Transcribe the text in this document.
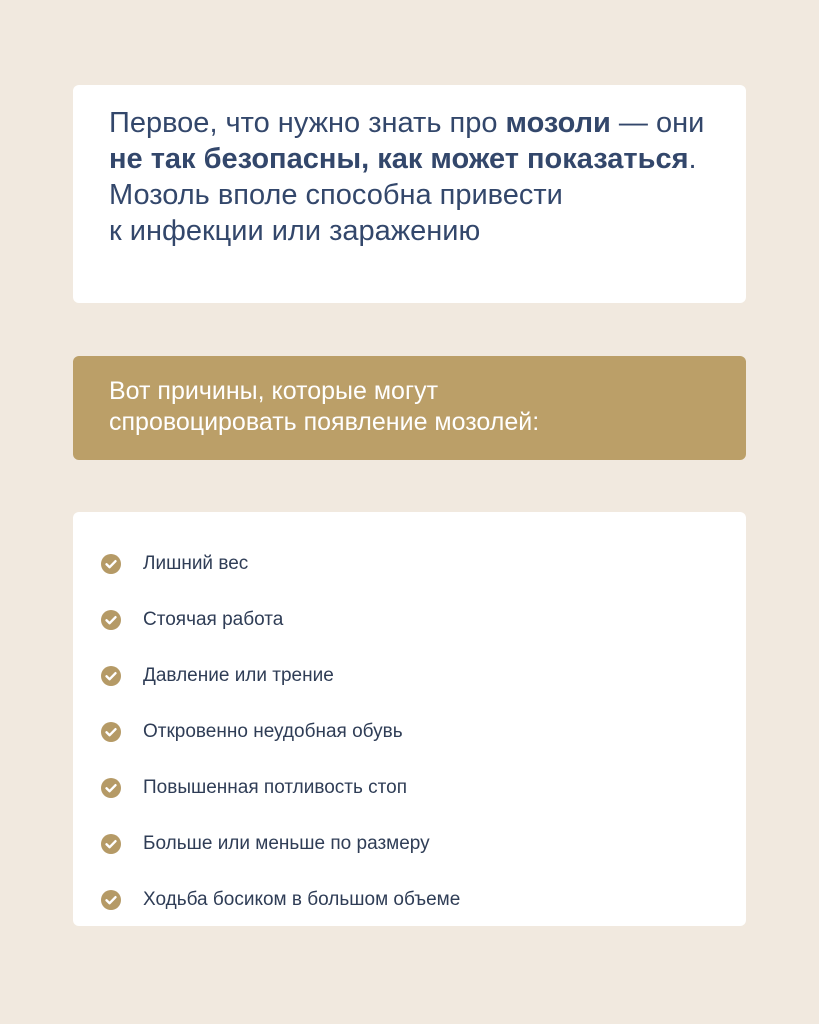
Первое, что нужно знать про мозоли — они не так безопасны, как может показаться.
Мозоль вполе способна привести
к инфекции или заражению

Вот причины, которые могут
спровоцировать появление мозолей:

Лишний вес
Стоячая работа
Давление или трение
Откровенно неудобная обувь
Повышенная потливость стоп
Больше или меньше по размеру
Ходьба босиком в большом объеме
